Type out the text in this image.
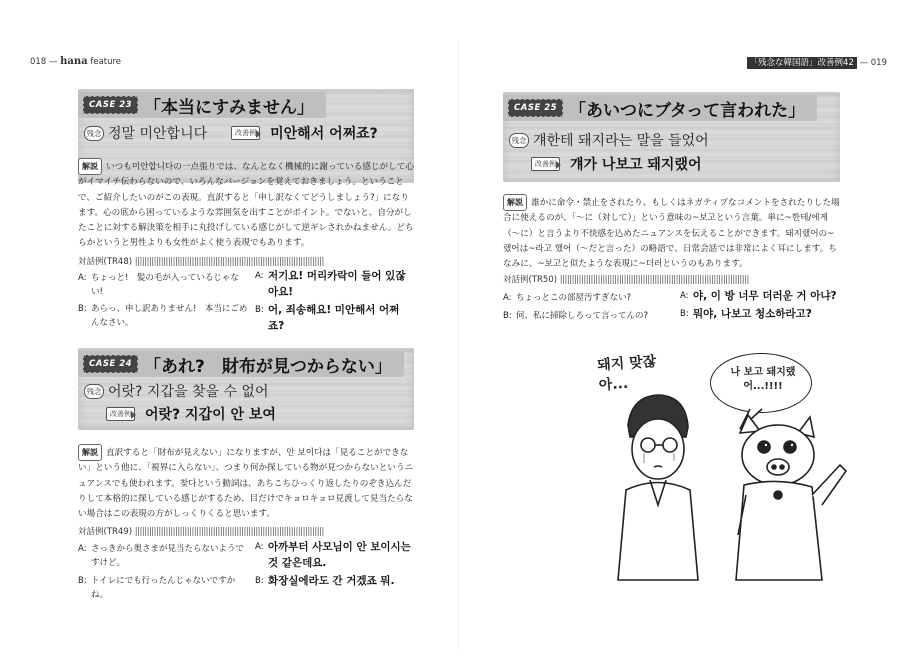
018 — hana feature	「残念な韓国語」改善例42 — 019
CASE 23 「本当にすみません」
残念 정말 미안합니다	改善例 미안해서 어쩌죠?
解説 いつも미안합니다の一点張りでは、なんとなく機械的に謝っている感じがして心がイマイチ伝わらないので、いろんなバージョンを覚えておきましょう。ということで、ご紹介したいのがこの表現。直訳すると「申し訳なくてどうしましょう?」になります。心の底から困っているような雰囲気を出すことがポイント。でないと、自分がしたことに対する解決策を相手に丸投げしている感じがして逆ギレされかねません。どちらかというと男性よりも女性がよく使う表現でもあります。
対話例(TR48) ||||||||||||||||||||||||||||||||||||||||||||||||||||||||||||||||||||||||||||||||
A: ちょっと!　髪の毛が入っているじゃない!
B: あらっ、申し訳ありません!　本当にごめんなさい。
A: 저기요! 머리카락이 들어 있잖아요!
B: 어, 죄송해요! 미안해서 어쩌죠?
CASE 24 「あれ?　財布が見つからない」
残念 어랏? 지갑을 찾을 수 없어
改善例 어랏? 지갑이 안 보여
解説 直訳すると「財布が見えない」になりますが、안 보이다は「見ることができない」という他に、「視界に入らない」、つまり何か探している物が見つからないというニュアンスでも使われます。찾다という動詞は、あちこちひっくり返したりのぞき込んだりして本格的に探している感じがするため、目だけでキョロキョロ見渡して見当たらない場合はこの表現の方がしっくりくると思います。
対話例(TR49) ||||||||||||||||||||||||||||||||||||||||||||||||||||||||||||||||||||||||||||||||
A: さっきから奥さまが見当たらないようですけど。
B: トイレにでも行ったんじゃないですかね。
A: 아까부터 사모님이 안 보이시는 것 같은데요.
B: 화장실에라도 간 거겠죠 뭐.
CASE 25 「あいつにブタって言われた」
残念 걔한테 돼지라는 말을 들었어
改善例 걔가 나보고 돼지랬어
解説 誰かに命令・禁止をされたり、もしくはネガティブなコメントをされたりした場合に使えるのが、「〜に（対して）」という意味の~보고という言葉。単に~한테/에게（〜に）と言うより不快感を込めたニュアンスを伝えることができます。돼지랬어の~랬어は~라고 했어（〜だと言った）の略語で、日常会話では非常によく耳にします。ちなみに、~보고と似たような表現に~더러というのもあります。
対話例(TR50) ||||||||||||||||||||||||||||||||||||||||||||||||||||||||||||||||||||||||||||||||
A: ちょっとこの部屋汚すぎない?
B: 何、私に掃除しろって言ってんの?
A: 야, 이 방 너무 더러운 거 아냐?
B: 뭐야, 나보고 청소하라고?
돼지 맞잖아...
나 보고 돼지랬어...!!!!
